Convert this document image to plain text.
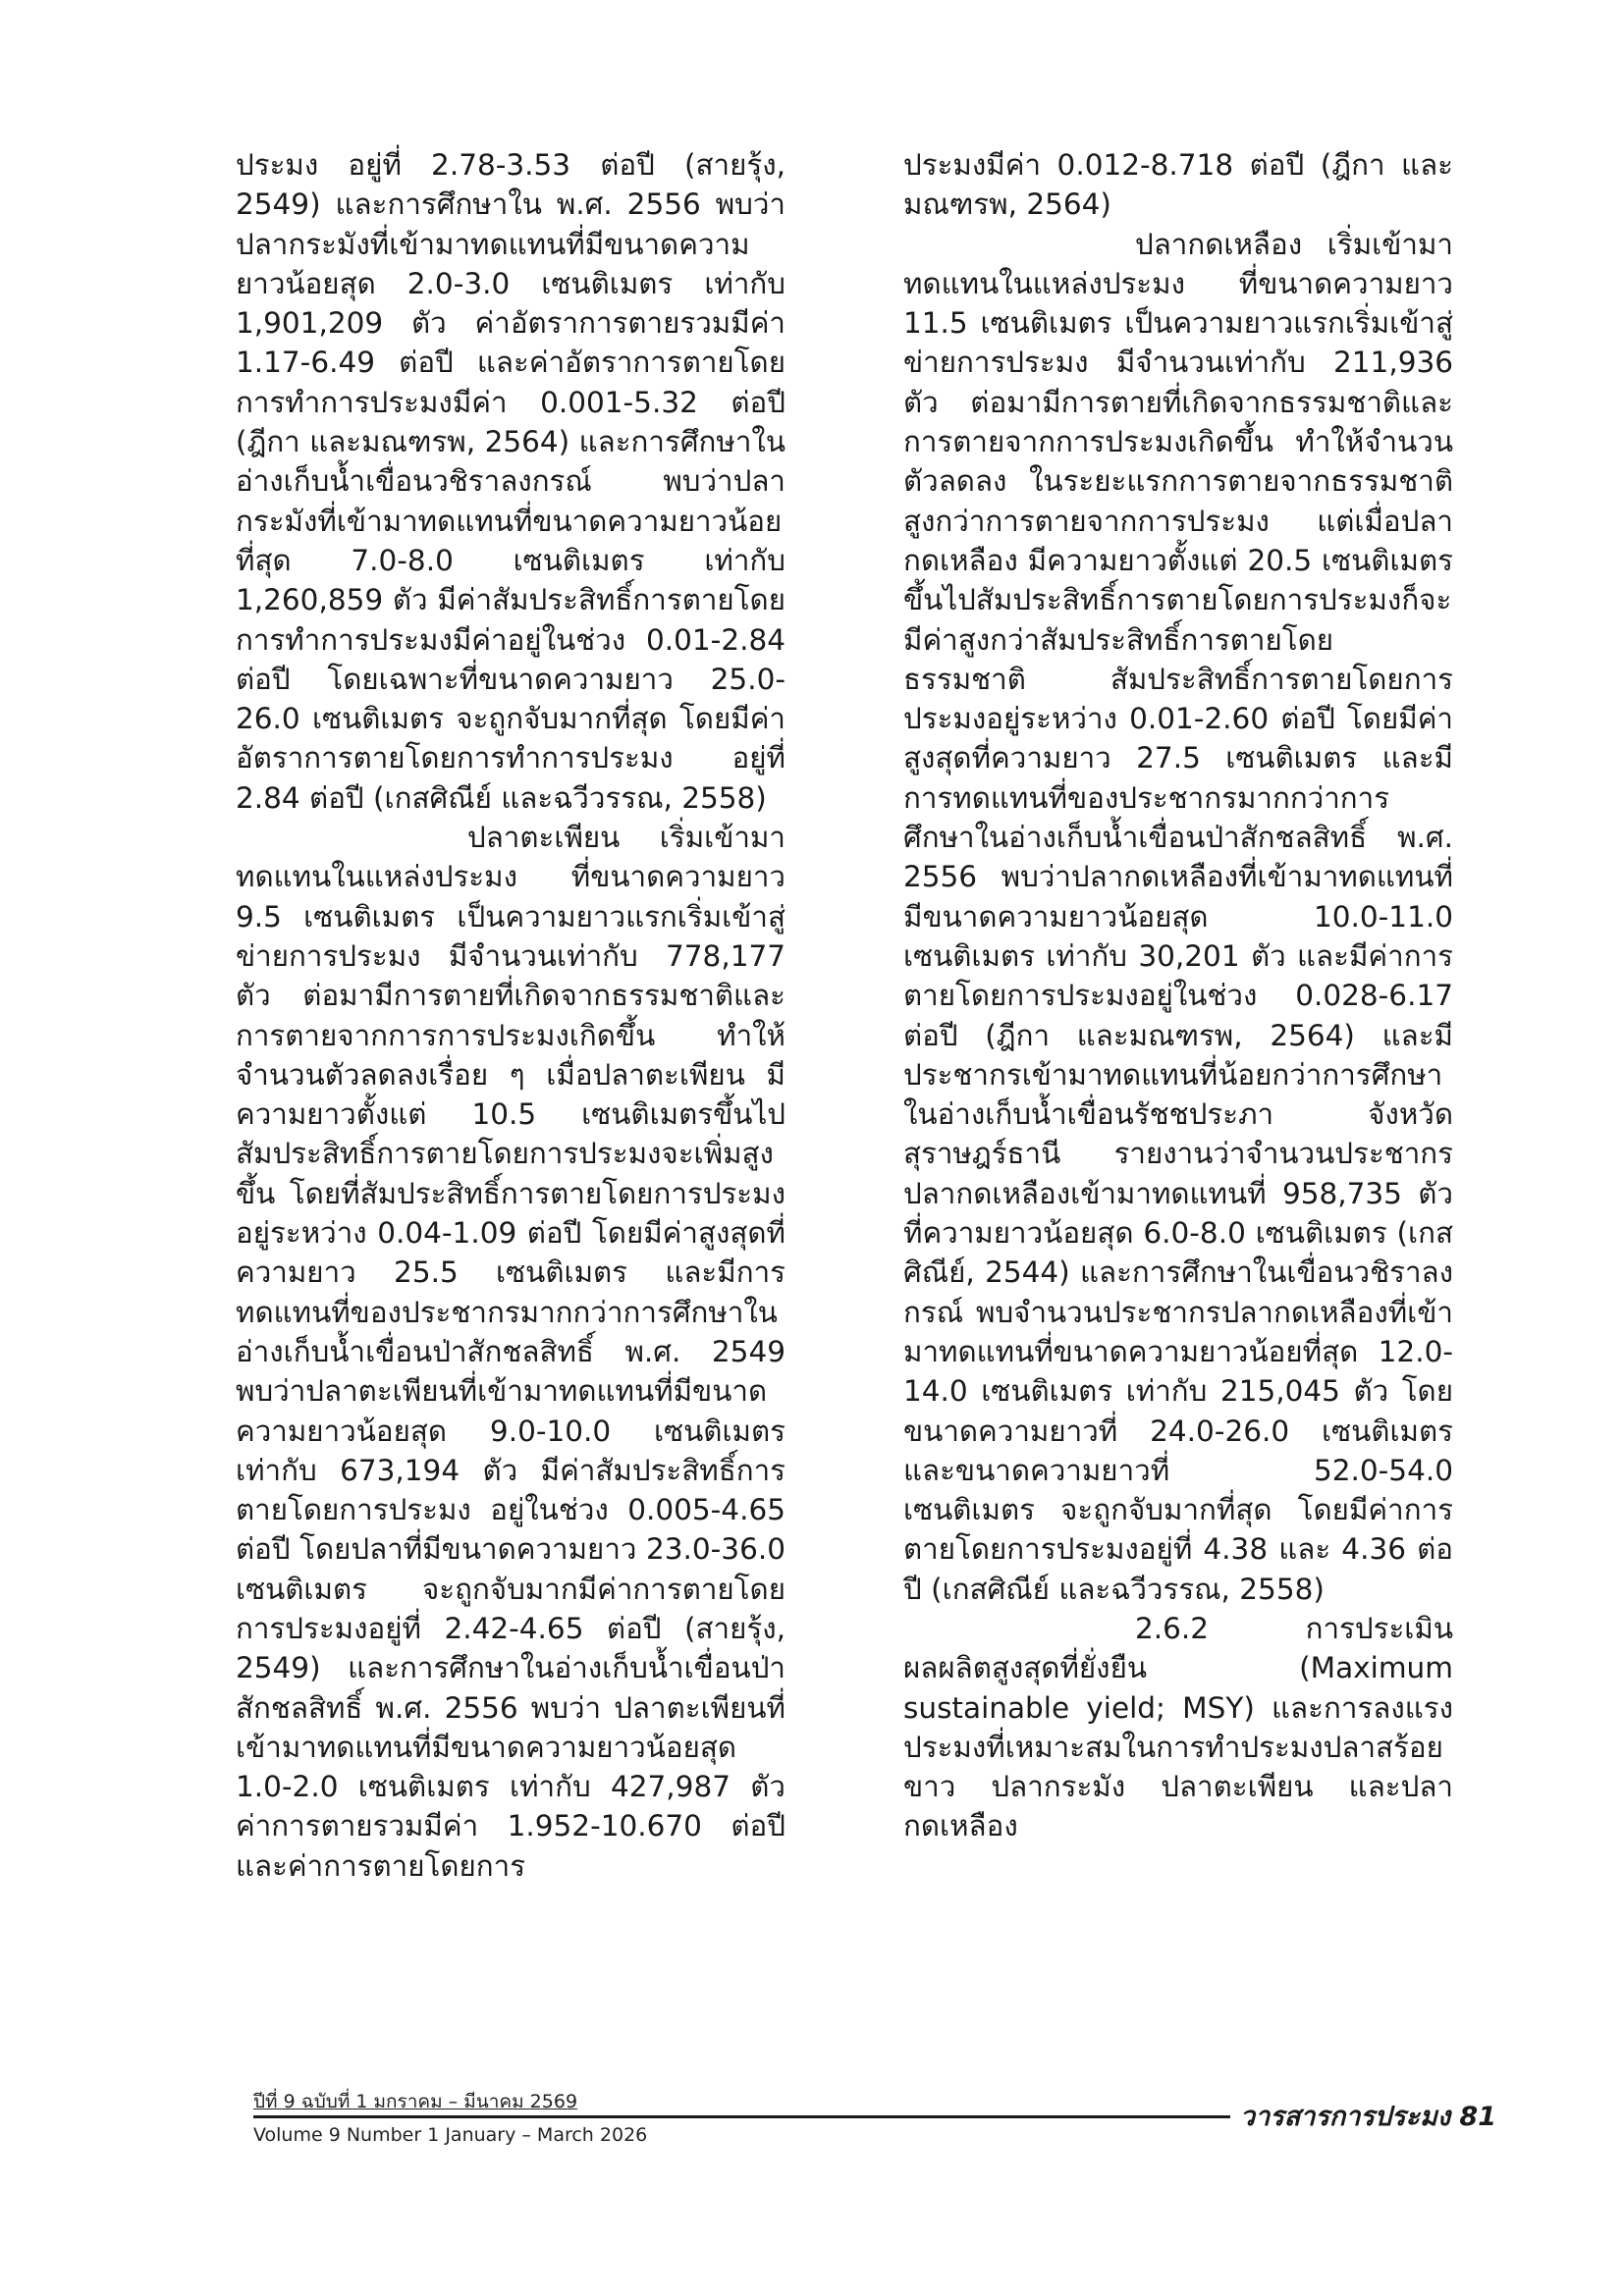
ประมง อยู่ที่ 2.78-3.53 ต่อปี (สายรุ้ง, 2549) และการศึกษาใน พ.ศ. 2556 พบว่าปลากระมังที่เข้ามาทดแทนที่มีขนาดความยาวน้อยสุด 2.0-3.0 เซนติเมตร เท่ากับ 1,901,209 ตัว ค่าอัตราการตายรวมมีค่า 1.17-6.49 ต่อปี และค่าอัตราการตายโดยการทำการประมงมีค่า 0.001-5.32 ต่อปี (ฎีกา และมณฑรพ, 2564) และการศึกษาในอ่างเก็บน้ำเขื่อนวชิราลงกรณ์ พบว่าปลากระมังที่เข้ามาทดแทนที่ขนาดความยาวน้อยที่สุด 7.0-8.0 เซนติเมตร เท่ากับ 1,260,859 ตัว มีค่าสัมประสิทธิ์การตายโดยการทำการประมงมีค่าอยู่ในช่วง 0.01-2.84 ต่อปี โดยเฉพาะที่ขนาดความยาว 25.0-26.0 เซนติเมตร จะถูกจับมากที่สุด โดยมีค่าอัตราการตายโดยการทำการประมง อยู่ที่ 2.84 ต่อปี (เกสศิณีย์ และฉวีวรรณ, 2558)

ปลาตะเพียน เริ่มเข้ามาทดแทนในแหล่งประมง ที่ขนาดความยาว 9.5 เซนติเมตร เป็นความยาวแรกเริ่มเข้าสู่ข่ายการประมง มีจำนวนเท่ากับ 778,177 ตัว ต่อมามีการตายที่เกิดจากธรรมชาติและการตายจากการการประมงเกิดขึ้น ทำให้จำนวนตัวลดลงเรื่อย ๆ เมื่อปลาตะเพียน มีความยาวตั้งแต่ 10.5 เซนติเมตรขึ้นไป สัมประสิทธิ์การตายโดยการประมงจะเพิ่มสูงขึ้น โดยที่สัมประสิทธิ์การตายโดยการประมงอยู่ระหว่าง 0.04-1.09 ต่อปี โดยมีค่าสูงสุดที่ความยาว 25.5 เซนติเมตร และมีการทดแทนที่ของประชากรมากกว่าการศึกษาในอ่างเก็บน้ำเขื่อนป่าสักชลสิทธิ์ พ.ศ. 2549 พบว่าปลาตะเพียนที่เข้ามาทดแทนที่มีขนาดความยาวน้อยสุด 9.0-10.0 เซนติเมตร เท่ากับ 673,194 ตัว มีค่าสัมประสิทธิ์การตายโดยการประมง อยู่ในช่วง 0.005-4.65 ต่อปี โดยปลาที่มีขนาดความยาว 23.0-36.0 เซนติเมตร จะถูกจับมากมีค่าการตายโดยการประมงอยู่ที่ 2.42-4.65 ต่อปี (สายรุ้ง, 2549) และการศึกษาในอ่างเก็บน้ำเขื่อนป่าสักชลสิทธิ์ พ.ศ. 2556 พบว่า ปลาตะเพียนที่เข้ามาทดแทนที่มีขนาดความยาวน้อยสุด 1.0-2.0 เซนติเมตร เท่ากับ 427,987 ตัว ค่าการตายรวมมีค่า 1.952-10.670 ต่อปี และค่าการตายโดยการ

ประมงมีค่า 0.012-8.718 ต่อปี (ฎีกา และมณฑรพ, 2564)

ปลากดเหลือง เริ่มเข้ามาทดแทนในแหล่งประมง ที่ขนาดความยาว 11.5 เซนติเมตร เป็นความยาวแรกเริ่มเข้าสู่ข่ายการประมง มีจำนวนเท่ากับ 211,936 ตัว ต่อมามีการตายที่เกิดจากธรรมชาติและการตายจากการประมงเกิดขึ้น ทำให้จำนวนตัวลดลง ในระยะแรกการตายจากธรรมชาติสูงกว่าการตายจากการประมง แต่เมื่อปลากดเหลือง มีความยาวตั้งแต่ 20.5 เซนติเมตร ขึ้นไปสัมประสิทธิ์การตายโดยการประมงก็จะมีค่าสูงกว่าสัมประสิทธิ์การตายโดยธรรมชาติ สัมประสิทธิ์การตายโดยการประมงอยู่ระหว่าง 0.01-2.60 ต่อปี โดยมีค่าสูงสุดที่ความยาว 27.5 เซนติเมตร และมีการทดแทนที่ของประชากรมากกว่าการศึกษาในอ่างเก็บน้ำเขื่อนป่าสักชลสิทธิ์ พ.ศ. 2556 พบว่าปลากดเหลืองที่เข้ามาทดแทนที่มีขนาดความยาวน้อยสุด 10.0-11.0 เซนติเมตร เท่ากับ 30,201 ตัว และมีค่าการตายโดยการประมงอยู่ในช่วง 0.028-6.17 ต่อปี (ฎีกา และมณฑรพ, 2564) และมีประชากรเข้ามาทดแทนที่น้อยกว่าการศึกษาในอ่างเก็บน้ำเขื่อนรัชชประภา จังหวัดสุราษฎร์ธานี รายงานว่าจำนวนประชากรปลากดเหลืองเข้ามาทดแทนที่ 958,735 ตัว ที่ความยาวน้อยสุด 6.0-8.0 เซนติเมตร (เกสศิณีย์, 2544) และการศึกษาในเขื่อนวชิราลงกรณ์ พบจำนวนประชากรปลากดเหลืองที่เข้ามาทดแทนที่ขนาดความยาวน้อยที่สุด 12.0-14.0 เซนติเมตร เท่ากับ 215,045 ตัว โดยขนาดความยาวที่ 24.0-26.0 เซนติเมตร และขนาดความยาวที่ 52.0-54.0 เซนติเมตร จะถูกจับมากที่สุด โดยมีค่าการตายโดยการประมงอยู่ที่ 4.38 และ 4.36 ต่อปี (เกสศิณีย์ และฉวีวรรณ, 2558)

2.6.2 การประเมินผลผลิตสูงสุดที่ยั่งยืน (Maximum sustainable yield; MSY) และการลงแรงประมงที่เหมาะสมในการทำประมงปลาสร้อยขาว ปลากระมัง ปลาตะเพียน และปลากดเหลือง

ปีที่ 9 ฉบับที่ 1 มกราคม – มีนาคม 2569
Volume 9 Number 1 January – March 2026
วารสารการประมง 81
